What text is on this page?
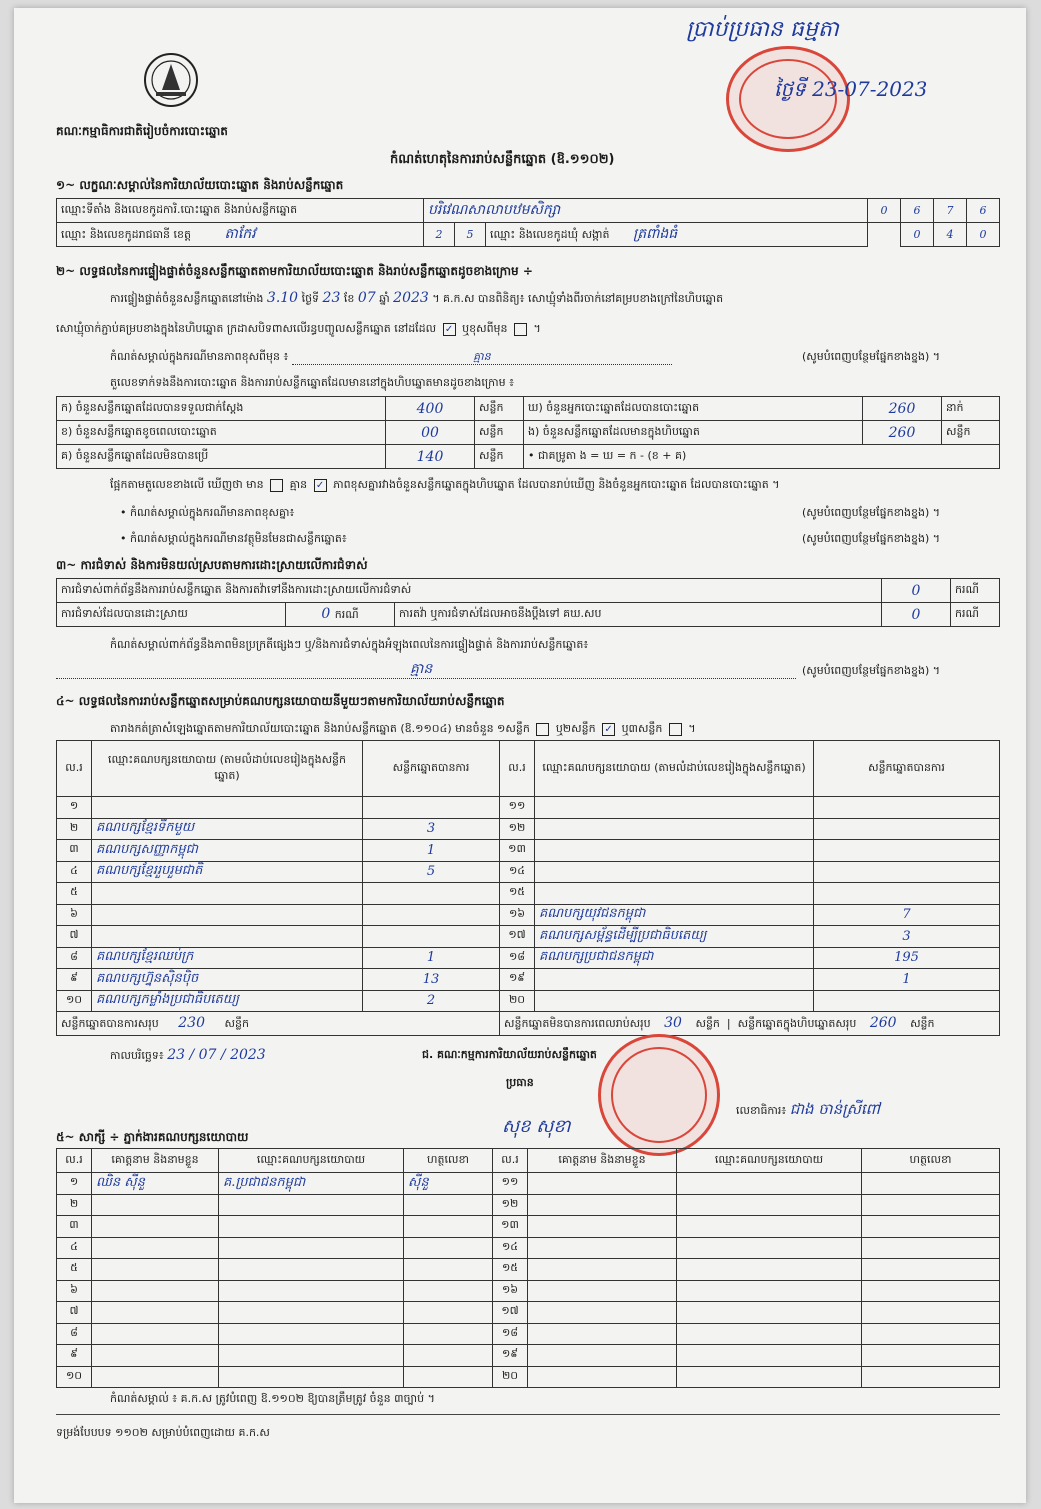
ប្រាប់ប្រធាន ធម្មតា
ថ្ងៃទី 23-07-2023
គណៈកម្មាធិការជាតិរៀបចំការបោះឆ្នោត
កំណត់ហេតុនៃការរាប់សន្លឹកឆ្នោត (ឱ.១១០២)
១~ លក្ខណៈសម្គាល់នៃការិយាល័យបោះឆ្នោត និងរាប់សន្លឹកឆ្នោត
ឈ្មោះទីតាំង និងលេខកូដការិ.បោះឆ្នោត និងរាប់សន្លឹកឆ្នោត	បរិវេណសាលាបឋមសិក្សា			0	6	7	6
ឈ្មោះ និងលេខកូដរាជធានី ខេត្ត តាកែវ	2	5	ឈ្មោះ និងលេខកូដឃុំ សង្កាត់ ត្រពាំងធំ		0	4	0
២~ លទ្ធផលនៃការផ្ទៀងផ្ទាត់ចំនួនសន្លឹកឆ្នោតតាមការិយាល័យបោះឆ្នោត និងរាប់សន្លឹកឆ្នោតដូចខាងក្រោម ÷
ការផ្ទៀងផ្ទាត់ចំនួនសន្លឹកឆ្នោតនៅម៉ោង 3.10 ថ្ងៃទី 23 ខែ 07 ឆ្នាំ 2023 ។ គ.ក.ស បានពិនិត្យ៖ សោឃ្មុំទាំងពីរចាក់នៅគម្របខាងក្រៅនៃហិបឆ្នោត
សោឃ្មុំចាក់ភ្ជាប់គម្របខាងក្នុងនៃហិបឆ្នោត ក្រដាសបិទពាសលើរន្ធបញ្ចូលសន្លឹកឆ្នោត នៅដដែល ✓ ឬខុសពីមុន  ។
កំណត់សម្គាល់ក្នុងករណីមានភាពខុសពីមុន ៖	គ្មាន	(សូមបំពេញបន្ថែមផ្នែកខាងខ្នង) ។
តួលេខទាក់ទងនឹងការបោះឆ្នោត និងការរាប់សន្លឹកឆ្នោតដែលមាននៅក្នុងហិបឆ្នោតមានដូចខាងក្រោម ៖
ក) ចំនួនសន្លឹកឆ្នោតដែលបានទទួលជាក់ស្តែង	400	សន្លឹក	ឃ) ចំនួនអ្នកបោះឆ្នោតដែលបានបោះឆ្នោត	260	នាក់
ខ) ចំនួនសន្លឹកឆ្នោតខូចពេលបោះឆ្នោត	00	សន្លឹក	ង) ចំនួនសន្លឹកឆ្នោតដែលមានក្នុងហិបឆ្នោត	260	សន្លឹក
គ) ចំនួនសន្លឹកឆ្នោតដែលមិនបានប្រើ	140	សន្លឹក	• ជាគម្រូតា ង = ឃ = ក - (ខ + គ)		
ផ្អែកតាមតួលេខខាងលើ ឃើញថា មាន គ្មាន ✓ ភាពខុសគ្នារវាងចំនួនសន្លឹកឆ្នោតក្នុងហិបឆ្នោត ដែលបានរាប់ឃើញ និងចំនួនអ្នកបោះឆ្នោត ដែលបានបោះឆ្នោត ។
• កំណត់សម្គាល់ក្នុងករណីមានភាពខុសគ្នា៖	(សូមបំពេញបន្ថែមផ្នែកខាងខ្នង) ។
• កំណត់សម្គាល់ក្នុងករណីមានវត្ថុមិនមែនជាសន្លឹកឆ្នោត៖	(សូមបំពេញបន្ថែមផ្នែកខាងខ្នង) ។
៣~ ការជំទាស់ និងការមិនយល់ស្របតាមការដោះស្រាយលើការជំទាស់
ការជំទាស់ពាក់ព័ន្ធនឹងការរាប់សន្លឹកឆ្នោត និងការតវ៉ាទៅនឹងការដោះស្រាយលើការជំទាស់			0	ករណី
ការជំទាស់ដែលបានដោះស្រាយ	0 ករណី	ការតវ៉ា ឬការជំទាស់ដែលអាចនឹងប្តឹងទៅ គឃ.សប	0	ករណី
កំណត់សម្គាល់ពាក់ព័ន្ធនឹងភាពមិនប្រក្រតីផ្សេងៗ ឬ/និងការជំទាស់ក្នុងអំឡុងពេលនៃការផ្ទៀងផ្ទាត់ និងការរាប់សន្លឹកឆ្នោត៖
គ្មាន	(សូមបំពេញបន្ថែមផ្នែកខាងខ្នង) ។
៤~ លទ្ធផលនៃការរាប់សន្លឹកឆ្នោតសម្រាប់គណបក្សនយោបាយនីមួយៗតាមការិយាល័យរាប់សន្លឹកឆ្នោត
តារាងកត់ត្រាសំឡេងឆ្នោតតាមការិយាល័យបោះឆ្នោត និងរាប់សន្លឹកឆ្នោត (ឱ.១១០៤) មានចំនួន ១សន្លឹក ឬ២សន្លឹក ✓ ឬ៣សន្លឹក  ។
ល.រ	ឈ្មោះគណបក្សនយោបាយ (តាមលំដាប់លេខរៀងក្នុងសន្លឹកឆ្នោត)	សន្លឹកឆ្នោតបានការ	ល.រ	ឈ្មោះគណបក្សនយោបាយ (តាមលំដាប់លេខរៀងក្នុងសន្លឹកឆ្នោត)	សន្លឹកឆ្នោតបានការ
១			១១		
២	គណបក្សខ្មែរទឹកមួយ	3	១២		
៣	គណបក្សសញ្ញាកម្ពុជា	1	១៣		
៤	គណបក្សខ្មែររួបរួមជាតិ	5	១៤		
៥			១៥		
៦			១៦	គណបក្សយុវជនកម្ពុជា	7
៧			១៧	គណបក្សសម្ព័ន្ធដើម្បីប្រជាធិបតេយ្យ	3
៨	គណបក្សខ្មែរឈប់ក្រ	1	១៨	គណបក្សប្រជាជនកម្ពុជា	195
៩	គណបក្សហ្វ៊ុនស៊ិនប៉ិច	13	១៩		1
១០	គណបក្សកម្លាំងប្រជាធិបតេយ្យ	2	២០		
សន្លឹកឆ្នោតបានការសរុប 230 សន្លឹក			សន្លឹកឆ្នោតមិនបានការពេលរាប់សរុប 30 សន្លឹក  |  សន្លឹកឆ្នោតក្នុងហិបឆ្នោតសរុប 260 សន្លឹក		
កាលបរិច្ឆេទ៖ 23 / 07 / 2023	ជ. គណៈកម្មការការិយាល័យរាប់សន្លឹកឆ្នោត
ប្រធាន
សុខ សុខា
លេខាធិការ៖ ជាង ចាន់ស្រីពៅ
៥~ សាក្សី ÷ ភ្នាក់ងារគណបក្សនយោបាយ
ល.រ	គោត្តនាម និងនាមខ្លួន	ឈ្មោះគណបក្សនយោបាយ	ហត្ថលេខា	ល.រ	គោត្តនាម និងនាមខ្លួន	ឈ្មោះគណបក្សនយោបាយ	ហត្ថលេខា
១	ឈិន ស៊ីនួ	គ.ប្រជាជនកម្ពុជា	ស៊ីនួ	១១			
២				១២			
៣				១៣			
៤				១៤			
៥				១៥			
៦				១៦			
៧				១៧			
៨				១៨			
៩				១៩			
១០				២០			
កំណត់សម្គាល់ ៖ គ.ក.ស ត្រូវបំពេញ ឱ.១១០២ ឱ្យបានត្រឹមត្រូវ ចំនួន ៣ច្បាប់ ។
ទម្រង់បែបបទ ១១០២ សម្រាប់បំពេញដោយ គ.ក.ស
